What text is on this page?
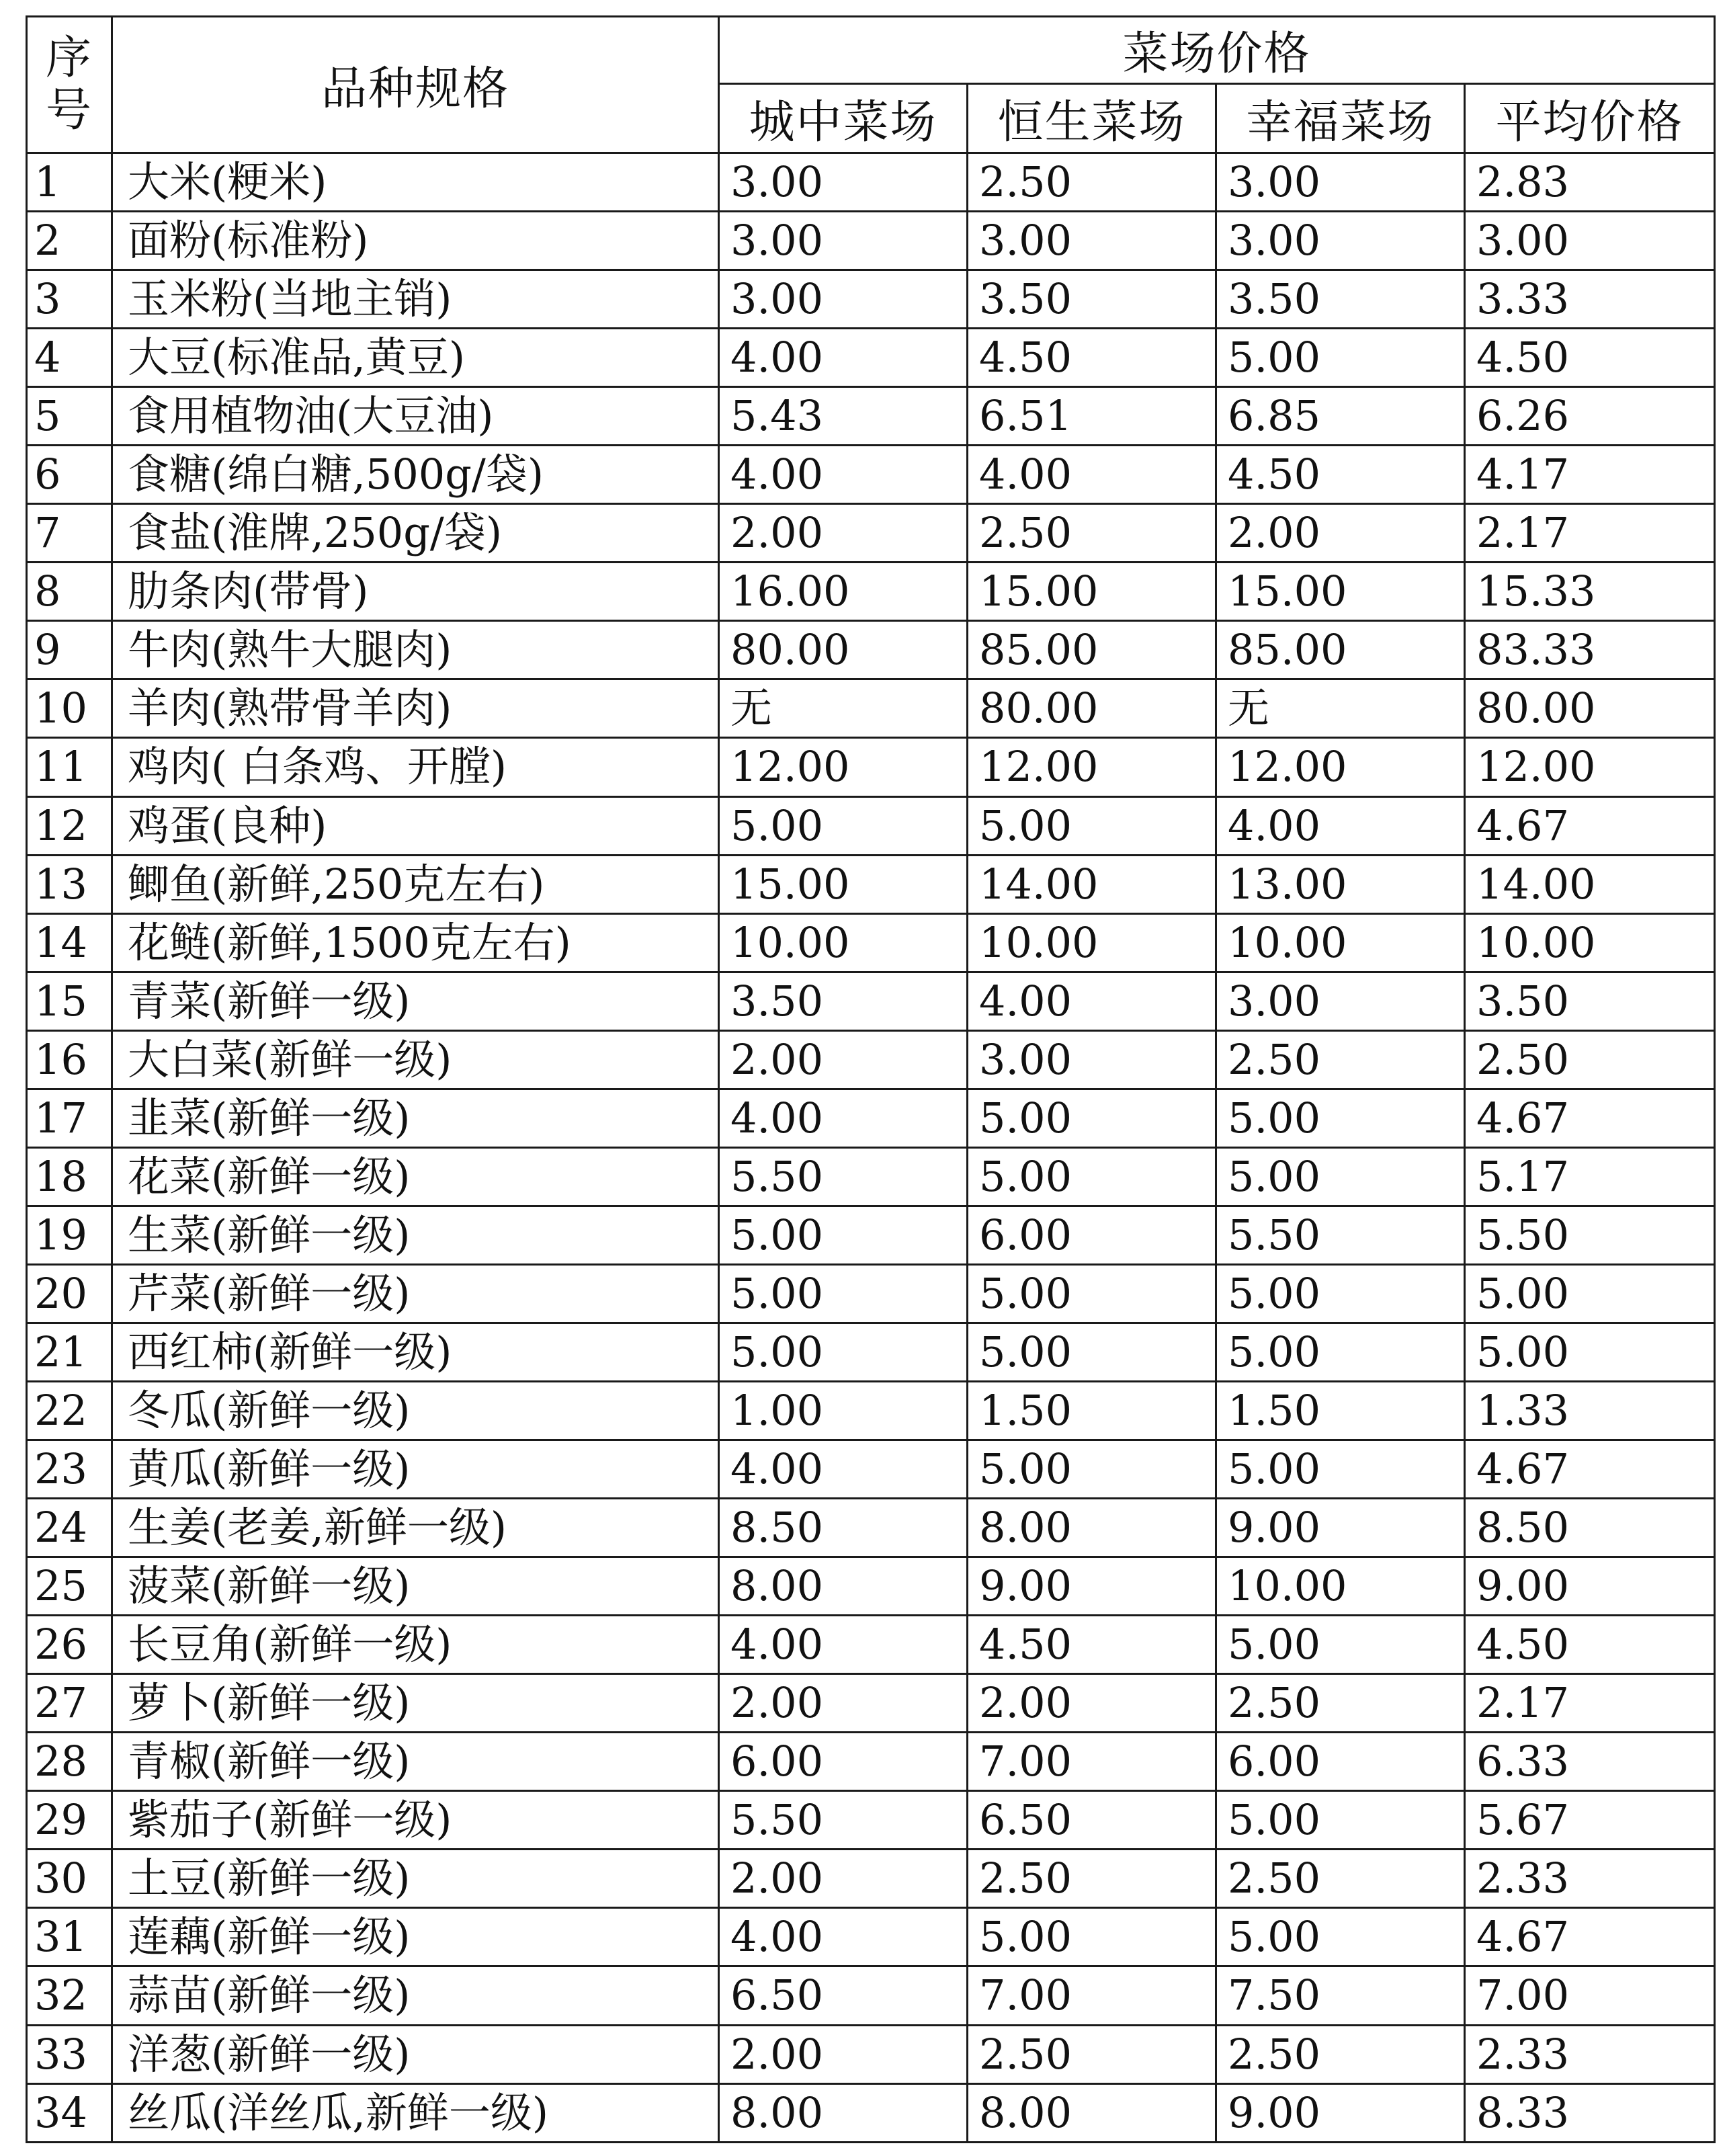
序
号	品种规格	菜场价格			
		城中菜场	恒生菜场	幸福菜场	平均价格
1	大米(粳米)	3.00	2.50	3.00	2.83
2	面粉(标准粉)	3.00	3.00	3.00	3.00
3	玉米粉(当地主销)	3.00	3.50	3.50	3.33
4	大豆(标准品,黄豆)	4.00	4.50	5.00	4.50
5	食用植物油(大豆油)	5.43	6.51	6.85	6.26
6	食糖(绵白糖,500g/袋)	4.00	4.00	4.50	4.17
7	食盐(淮牌,250g/袋)	2.00	2.50	2.00	2.17
8	肋条肉(带骨)	16.00	15.00	15.00	15.33
9	牛肉(熟牛大腿肉)	80.00	85.00	85.00	83.33
10	羊肉(熟带骨羊肉)	无	80.00	无	80.00
11	鸡肉( 白条鸡、开膛)	12.00	12.00	12.00	12.00
12	鸡蛋(良种)	5.00	5.00	4.00	4.67
13	鲫鱼(新鲜,250克左右)	15.00	14.00	13.00	14.00
14	花鲢(新鲜,1500克左右)	10.00	10.00	10.00	10.00
15	青菜(新鲜一级)	3.50	4.00	3.00	3.50
16	大白菜(新鲜一级)	2.00	3.00	2.50	2.50
17	韭菜(新鲜一级)	4.00	5.00	5.00	4.67
18	花菜(新鲜一级)	5.50	5.00	5.00	5.17
19	生菜(新鲜一级)	5.00	6.00	5.50	5.50
20	芹菜(新鲜一级)	5.00	5.00	5.00	5.00
21	西红柿(新鲜一级)	5.00	5.00	5.00	5.00
22	冬瓜(新鲜一级)	1.00	1.50	1.50	1.33
23	黄瓜(新鲜一级)	4.00	5.00	5.00	4.67
24	生姜(老姜,新鲜一级)	8.50	8.00	9.00	8.50
25	菠菜(新鲜一级)	8.00	9.00	10.00	9.00
26	长豆角(新鲜一级)	4.00	4.50	5.00	4.50
27	萝卜(新鲜一级)	2.00	2.00	2.50	2.17
28	青椒(新鲜一级)	6.00	7.00	6.00	6.33
29	紫茄子(新鲜一级)	5.50	6.50	5.00	5.67
30	土豆(新鲜一级)	2.00	2.50	2.50	2.33
31	莲藕(新鲜一级)	4.00	5.00	5.00	4.67
32	蒜苗(新鲜一级)	6.50	7.00	7.50	7.00
33	洋葱(新鲜一级)	2.00	2.50	2.50	2.33
34	丝瓜(洋丝瓜,新鲜一级)	8.00	8.00	9.00	8.33
